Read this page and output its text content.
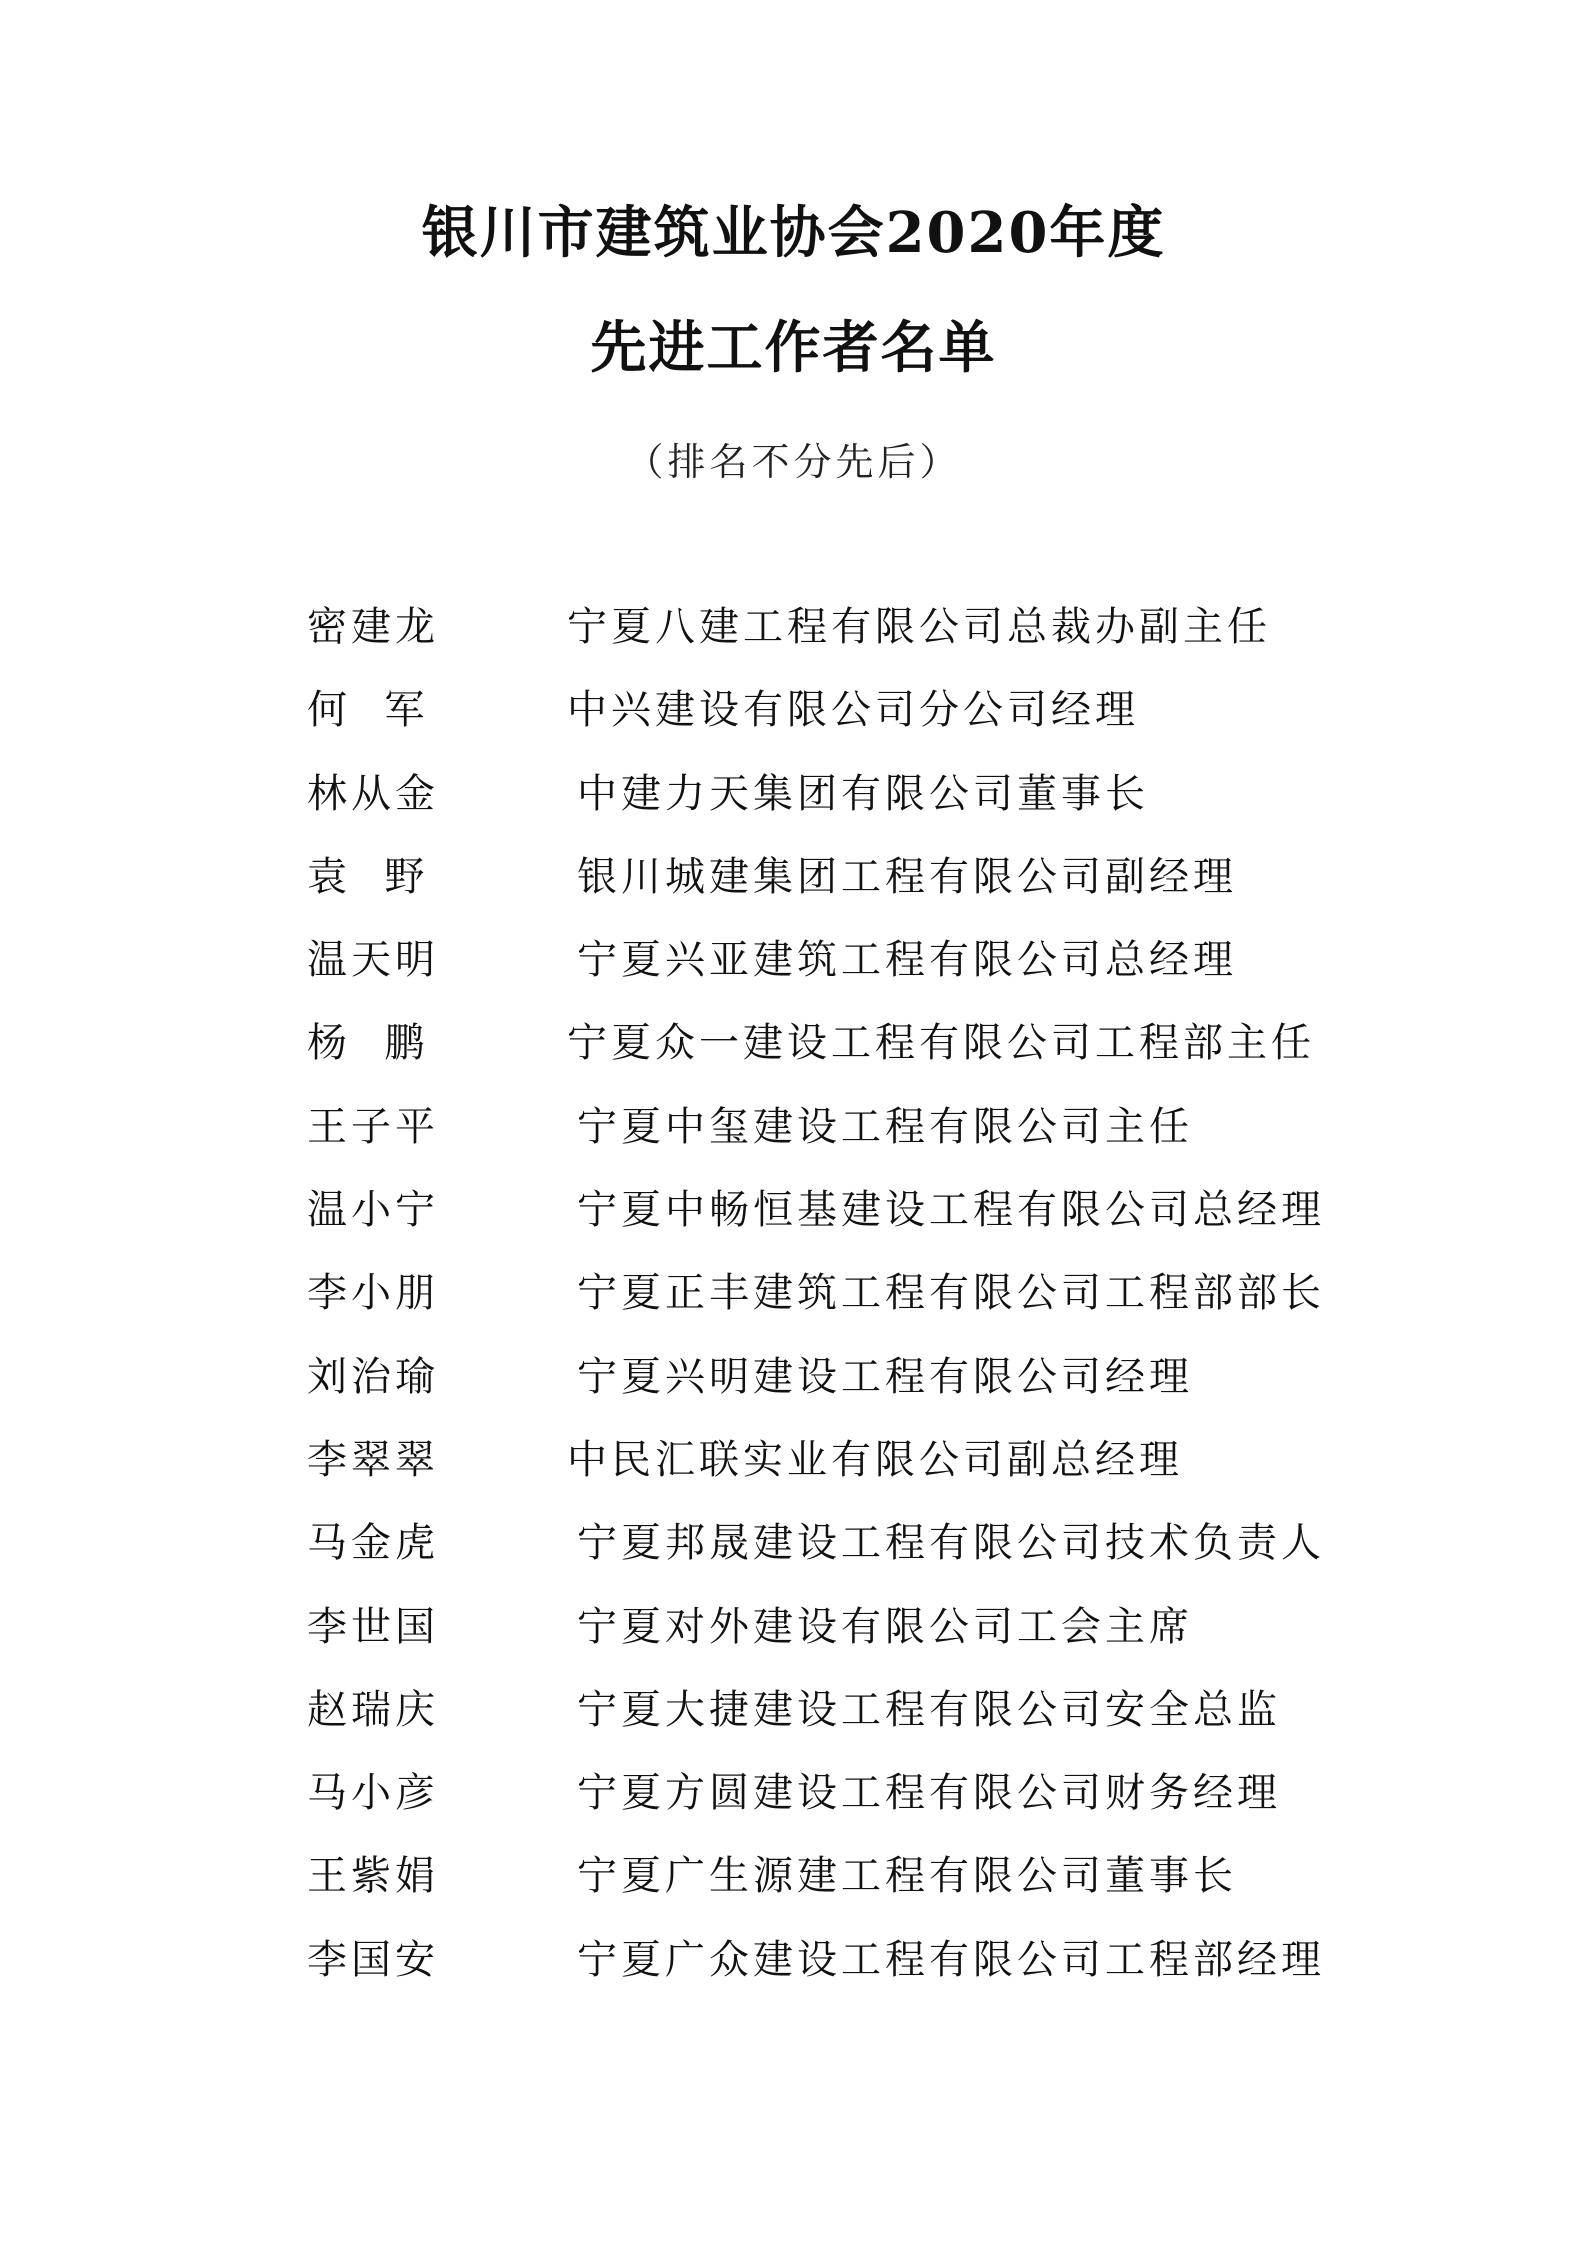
银川市建筑业协会2020年度
先进工作者名单
（排名不分先后）
密建龙	宁夏八建工程有限公司总裁办副主任
何  军	中兴建设有限公司分公司经理
林从金	中建力天集团有限公司董事长
袁  野	银川城建集团工程有限公司副经理
温天明	宁夏兴亚建筑工程有限公司总经理
杨  鹏	宁夏众一建设工程有限公司工程部主任
王子平	宁夏中玺建设工程有限公司主任
温小宁	宁夏中畅恒基建设工程有限公司总经理
李小朋	宁夏正丰建筑工程有限公司工程部部长
刘治瑜	宁夏兴明建设工程有限公司经理
李翠翠	中民汇联实业有限公司副总经理
马金虎	宁夏邦晟建设工程有限公司技术负责人
李世国	宁夏对外建设有限公司工会主席
赵瑞庆	宁夏大捷建设工程有限公司安全总监
马小彦	宁夏方圆建设工程有限公司财务经理
王紫娟	宁夏广生源建工程有限公司董事长
李国安	宁夏广众建设工程有限公司工程部经理
